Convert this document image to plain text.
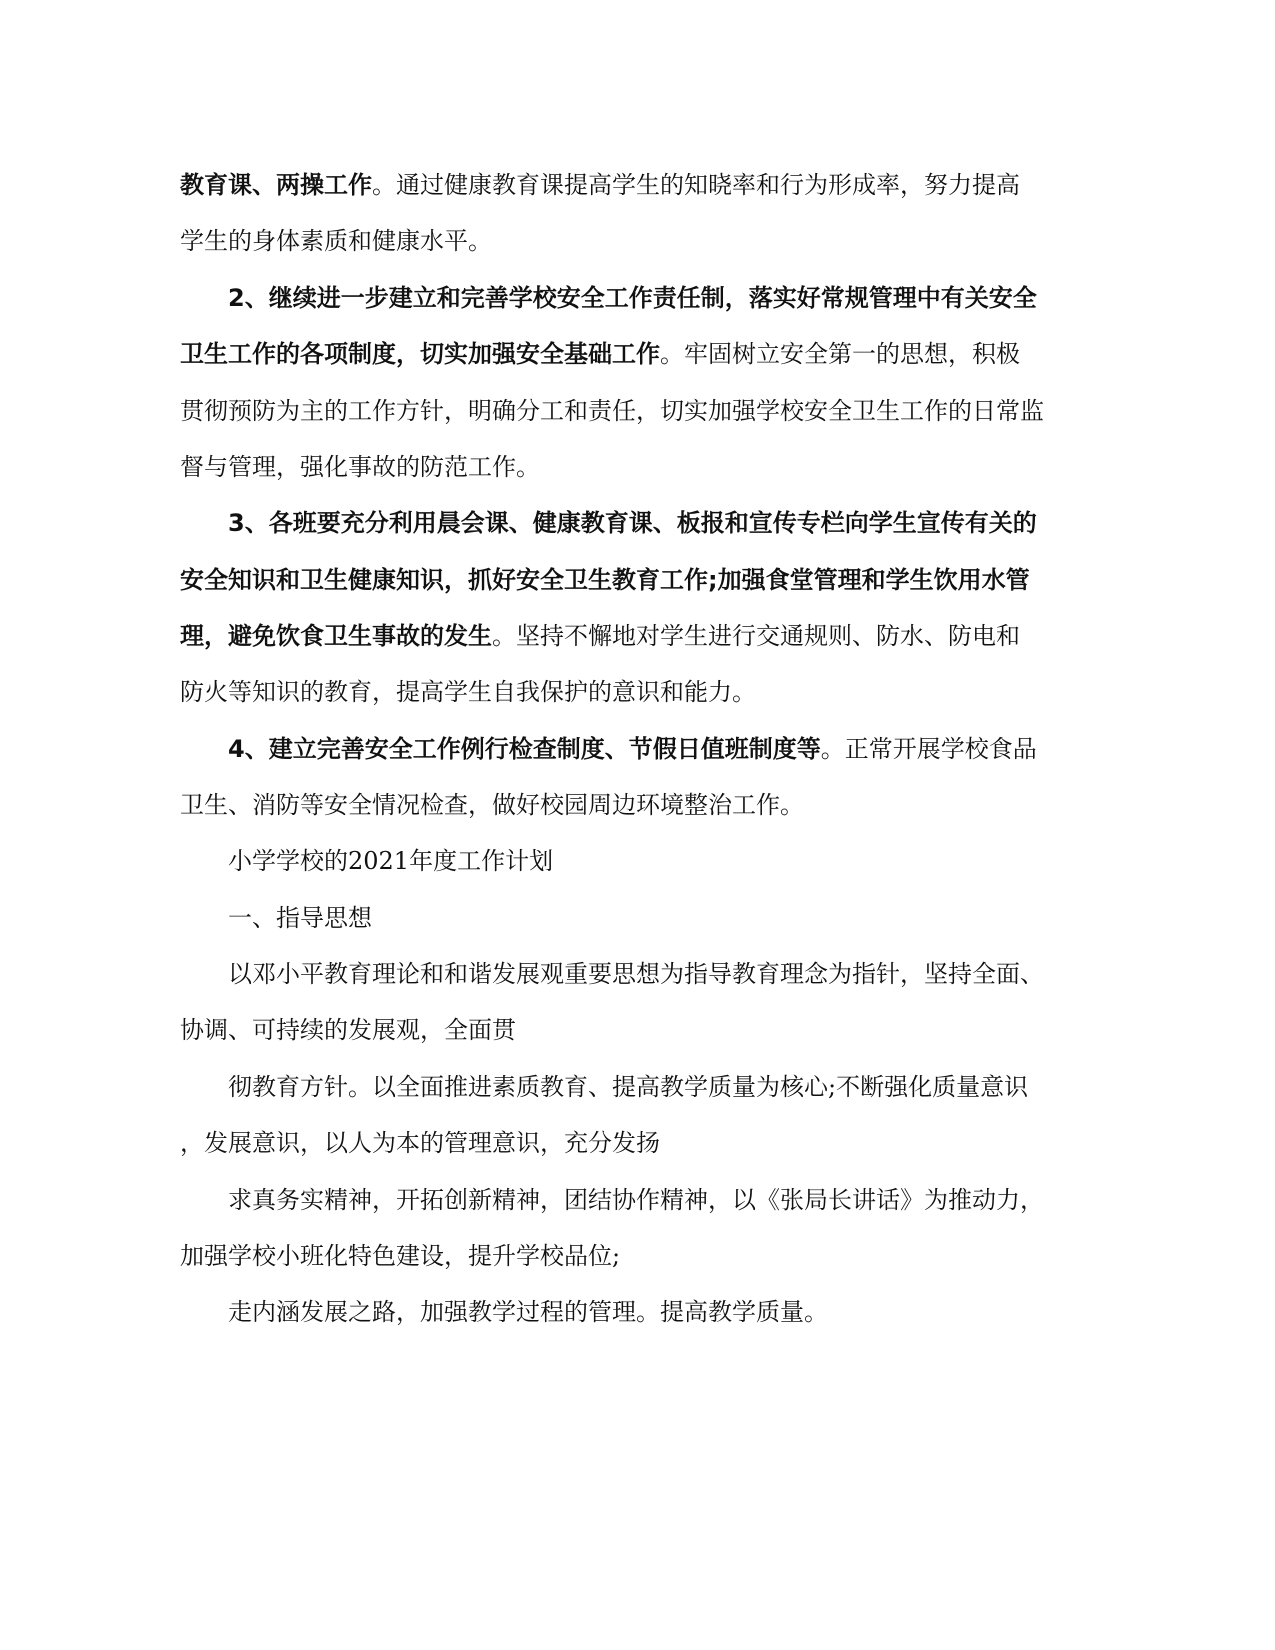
教育课、两操工作。通过健康教育课提高学生的知晓率和行为形成率，努力提高
学生的身体素质和健康水平。
2、继续进一步建立和完善学校安全工作责任制，落实好常规管理中有关安全
卫生工作的各项制度，切实加强安全基础工作。牢固树立安全第一的思想，积极
贯彻预防为主的工作方针，明确分工和责任，切实加强学校安全卫生工作的日常监
督与管理，强化事故的防范工作。
3、各班要充分利用晨会课、健康教育课、板报和宣传专栏向学生宣传有关的
安全知识和卫生健康知识，抓好安全卫生教育工作;加强食堂管理和学生饮用水管
理，避免饮食卫生事故的发生。坚持不懈地对学生进行交通规则、防水、防电和
防火等知识的教育，提高学生自我保护的意识和能力。
4、建立完善安全工作例行检查制度、节假日值班制度等。正常开展学校食品
卫生、消防等安全情况检查，做好校园周边环境整治工作。
小学学校的2021年度工作计划
一、指导思想
以邓小平教育理论和和谐发展观重要思想为指导教育理念为指针，坚持全面、
协调、可持续的发展观，全面贯
彻教育方针。以全面推进素质教育、提高教学质量为核心;不断强化质量意识
，发展意识，以人为本的管理意识，充分发扬
求真务实精神，开拓创新精神，团结协作精神，以《张局长讲话》为推动力，
加强学校小班化特色建设，提升学校品位;
走内涵发展之路，加强教学过程的管理。提高教学质量。
